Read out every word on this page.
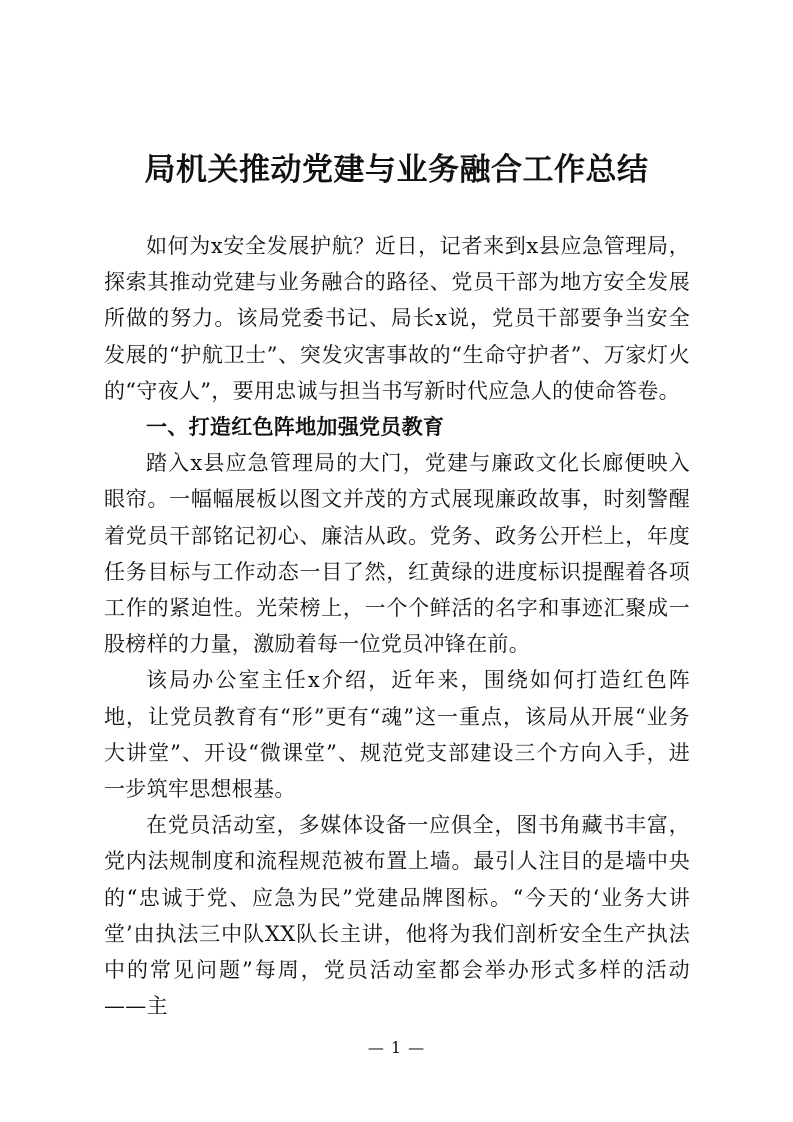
局机关推动党建与业务融合工作总结

如何为x安全发展护航？近日，记者来到x县应急管理局，探索其推动党建与业务融合的路径、党员干部为地方安全发展所做的努力。该局党委书记、局长x说，党员干部要争当安全发展的“护航卫士”、突发灾害事故的“生命守护者”、万家灯火的“守夜人”，要用忠诚与担当书写新时代应急人的使命答卷。

一、打造红色阵地加强党员教育

踏入x县应急管理局的大门，党建与廉政文化长廊便映入眼帘。一幅幅展板以图文并茂的方式展现廉政故事，时刻警醒着党员干部铭记初心、廉洁从政。党务、政务公开栏上，年度任务目标与工作动态一目了然，红黄绿的进度标识提醒着各项工作的紧迫性。光荣榜上，一个个鲜活的名字和事迹汇聚成一股榜样的力量，激励着每一位党员冲锋在前。

该局办公室主任x介绍，近年来，围绕如何打造红色阵地，让党员教育有“形”更有“魂”这一重点，该局从开展“业务大讲堂”、开设“微课堂”、规范党支部建设三个方向入手，进一步筑牢思想根基。

在党员活动室，多媒体设备一应俱全，图书角藏书丰富，党内法规制度和流程规范被布置上墙。最引人注目的是墙中央的“忠诚于党、应急为民”党建品牌图标。“今天的‘业务大讲堂’由执法三中队XX队长主讲，他将为我们剖析安全生产执法中的常见问题”每周，党员活动室都会举办形式多样的活动——主

— 1 —
